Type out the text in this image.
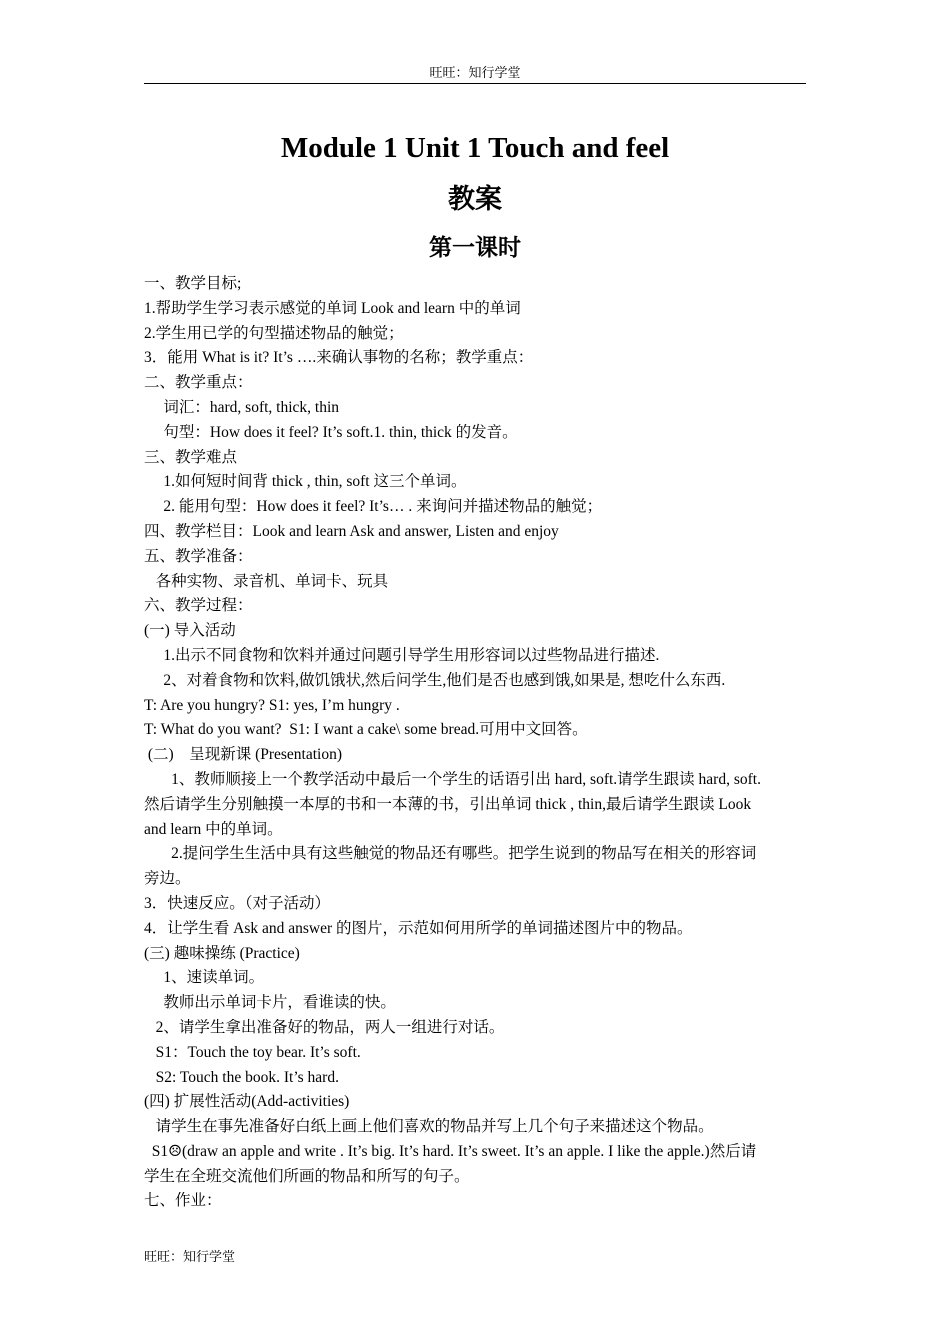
旺旺：知行学堂
Module 1 Unit 1 Touch and feel
教案
第一课时

一、教学目标;

1.帮助学生学习表示感觉的单词 Look and learn 中的单词

2.学生用已学的句型描述物品的触觉；

3．能用 What is it? It’s ….来确认事物的名称；教学重点：

二、教学重点：

词汇：hard, soft, thick, thin

句型：How does it feel? It’s soft.1. thin, thick 的发音。

三、教学难点

1.如何短时间背 thick , thin, soft 这三个单词。

2. 能用句型：How does it feel? It’s… . 来询问并描述物品的触觉；

四、教学栏目：Look and learn Ask and answer, Listen and enjoy

五、教学准备：

各种实物、录音机、单词卡、玩具

六、教学过程：

(一) 导入活动

1.出示不同食物和饮料并通过问题引导学生用形容词以过些物品进行描述.

2、对着食物和饮料,做饥饿状,然后问学生,他们是否也感到饿,如果是, 想吃什么东西.

T: Are you hungry? S1: yes, I’m hungry .

T: What do you want?  S1: I want a cake\ some bread.可用中文回答。

(二)    呈现新课 (Presentation)

1、教师顺接上一个教学活动中最后一个学生的话语引出 hard, soft.请学生跟读 hard, soft.

然后请学生分别触摸一本厚的书和一本薄的书，引出单词 thick , thin,最后请学生跟读 Look

and learn 中的单词。

2.提问学生生活中具有这些触觉的物品还有哪些。把学生说到的物品写在相关的形容词

旁边。

3．快速反应。（对子活动）

4．让学生看 Ask and answer 的图片，示范如何用所学的单词描述图片中的物品。

(三) 趣味操练 (Practice)

1、速读单词。

教师出示单词卡片，看谁读的快。

2、请学生拿出准备好的物品，两人一组进行对话。

S1：Touch the toy bear. It’s soft.

S2: Touch the book. It’s hard.

(四) 扩展性活动(Add-activities)

请学生在事先准备好白纸上画上他们喜欢的物品并写上几个句子来描述这个物品。

S1☹(draw an apple and write . It’s big. It’s hard. It’s sweet. It’s an apple. I like the apple.)然后请

学生在全班交流他们所画的物品和所写的句子。

七、作业：

旺旺：知行学堂
